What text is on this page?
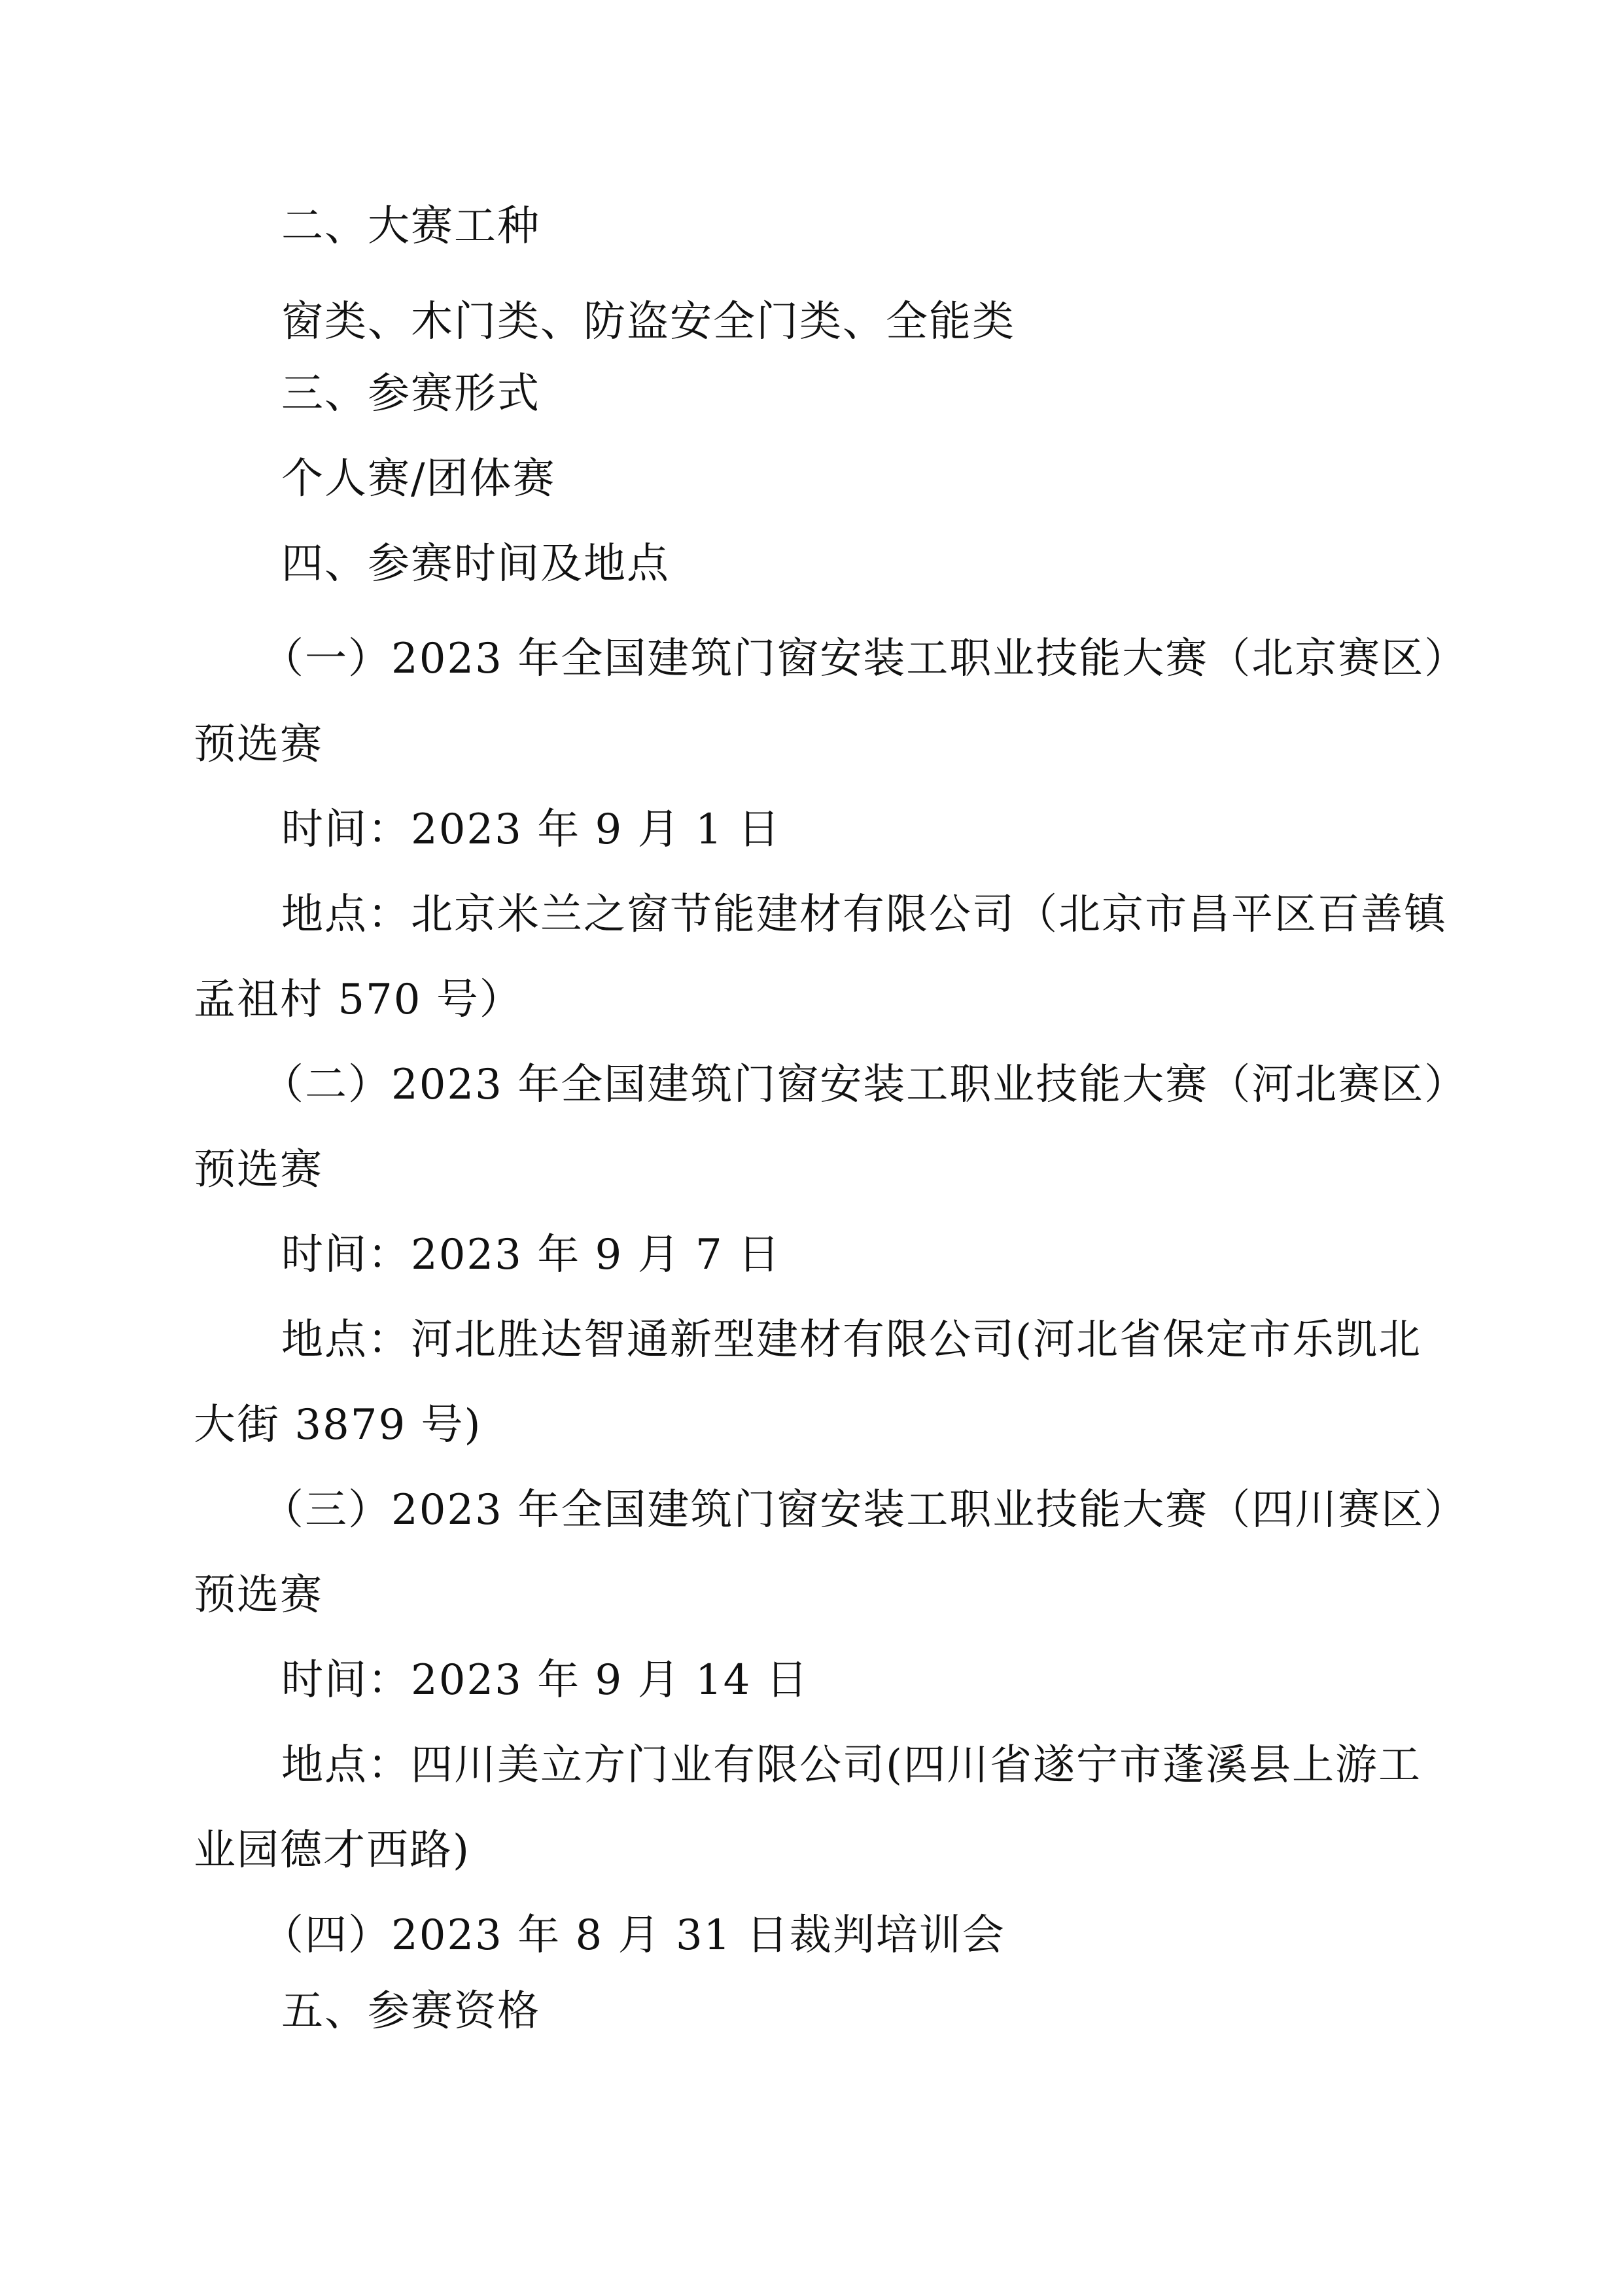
二、大赛工种
窗类、木门类、防盗安全门类、全能类
三、参赛形式
个人赛/团体赛
四、参赛时间及地点
（一）2023 年全国建筑门窗安装工职业技能大赛（北京赛区）
预选赛
时间：2023 年 9 月 1 日
地点：北京米兰之窗节能建材有限公司（北京市昌平区百善镇
孟祖村 570 号）
（二）2023 年全国建筑门窗安装工职业技能大赛（河北赛区）
预选赛
时间：2023 年 9 月 7 日
地点：河北胜达智通新型建材有限公司(河北省保定市乐凯北
大街 3879 号)
（三）2023 年全国建筑门窗安装工职业技能大赛（四川赛区）
预选赛
时间：2023 年 9 月 14 日
地点：四川美立方门业有限公司(四川省遂宁市蓬溪县上游工
业园德才西路)
（四）2023 年 8 月 31 日裁判培训会
五、参赛资格
